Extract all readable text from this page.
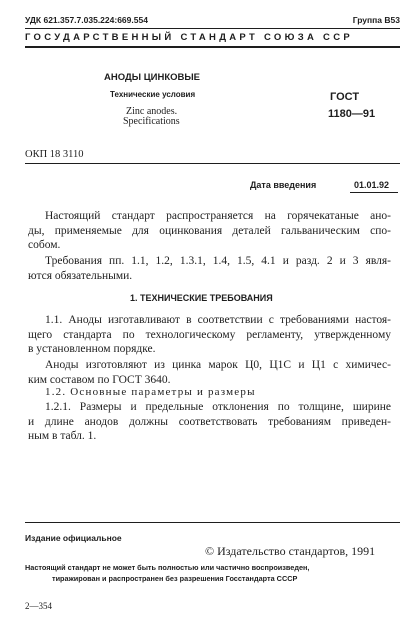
УДК 621.357.7.035.224:669.554	Группа В53
ГОСУДАРСТВЕННЫЙ СТАНДАРТ СОЮЗА ССР
АНОДЫ ЦИНКОВЫЕ
Технические условия
Zinc anodes.
Specifications
ГОСТ
1180—91
ОКП 18 3110
Дата введения	01.01.92
Настоящий стандарт распространяется на горячекатаные ано-
ды, применяемые для оцинкования деталей гальваническим спо-
собом.
Требования пп. 1.1, 1.2, 1.3.1, 1.4, 1.5, 4.1 и разд. 2 и 3 явля-
ются обязательными.
1. ТЕХНИЧЕСКИЕ ТРЕБОВАНИЯ
1.1. Аноды изготавливают в соответствии с требованиями настоя-
щего стандарта по технологическому регламенту, утвержденному
в установленном порядке.
Аноды изготовляют из цинка марок Ц0, Ц1С и Ц1 с химичес-
ким составом по ГОСТ 3640.
1.2. Основные параметры и размеры
1.2.1. Размеры и предельные отклонения по толщине, ширине
и длине анодов должны соответствовать требованиям приведен-
ным в табл. 1.
Издание официальное
© Издательство стандартов, 1991
Настоящий стандарт не может быть полностью или частично воспроизведен,
тиражирован и распространен без разрешения Госстандарта СССР
2—354
